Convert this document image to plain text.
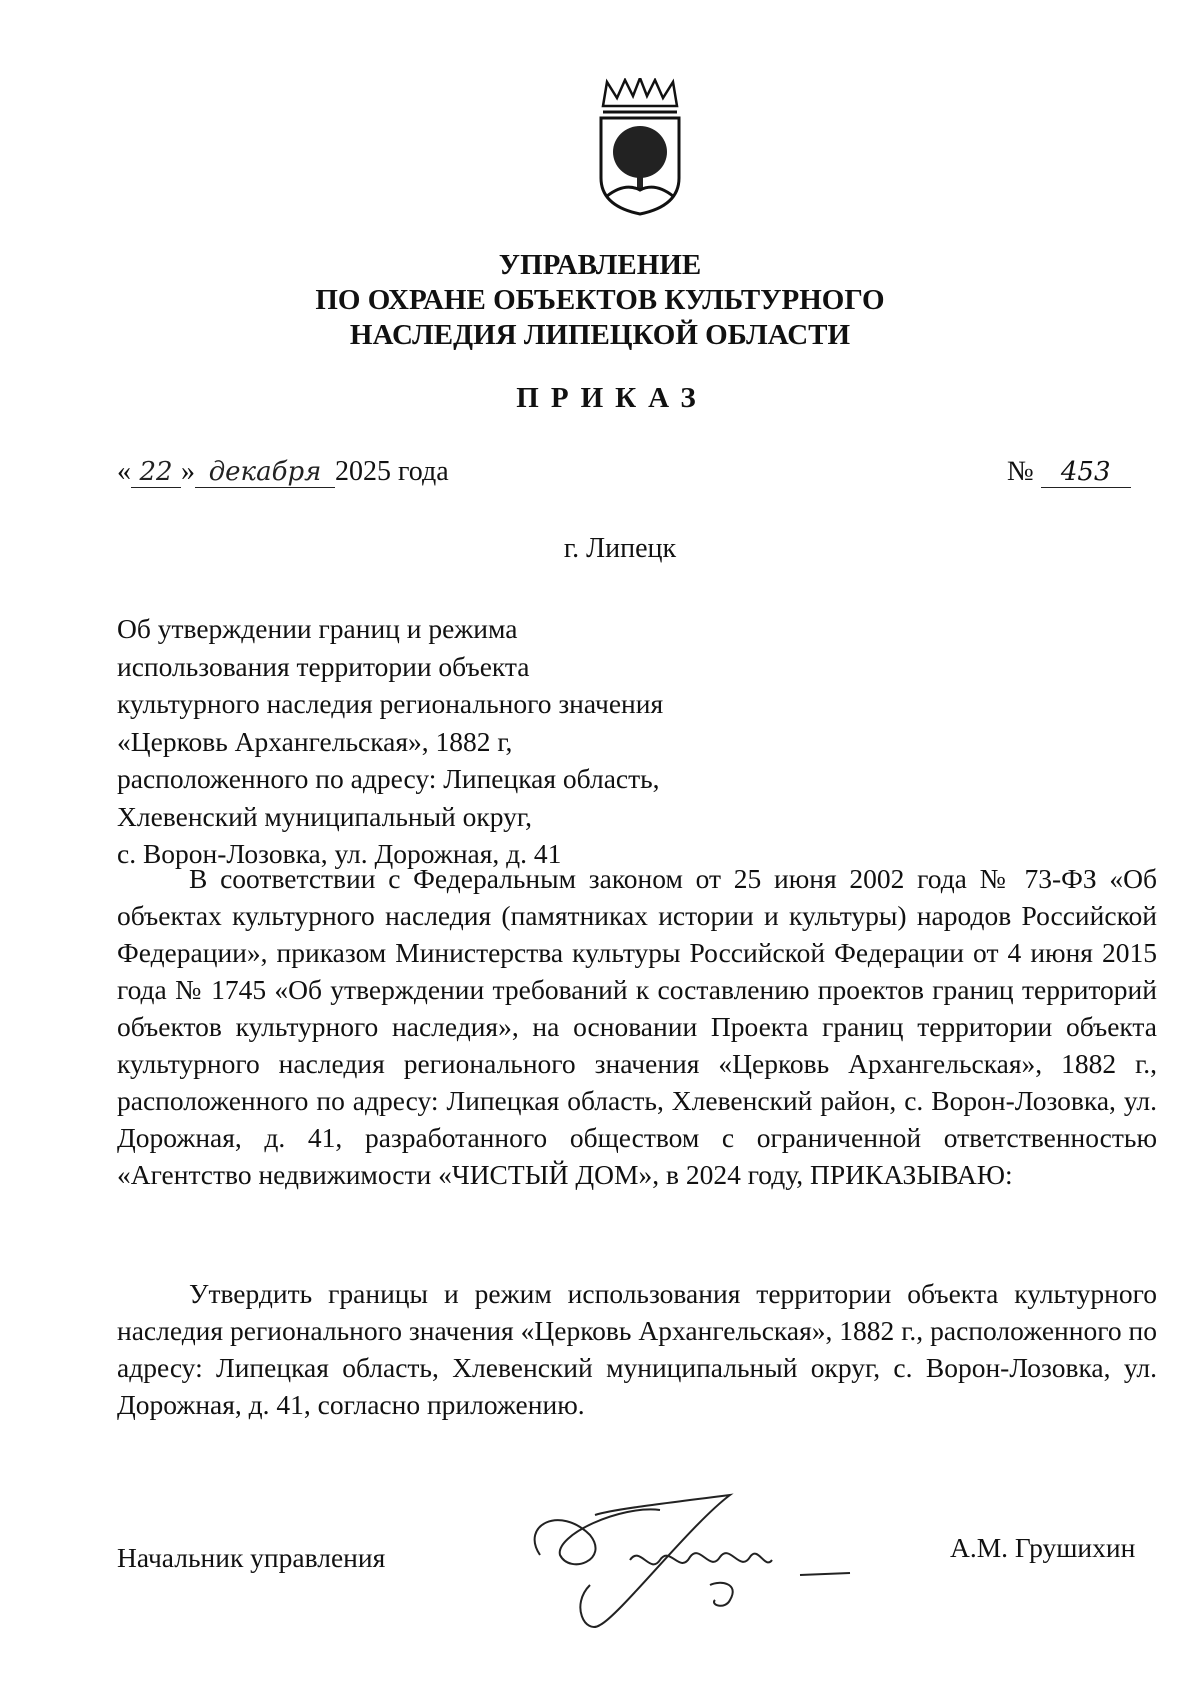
УПРАВЛЕНИЕ
ПО ОХРАНЕ ОБЪЕКТОВ КУЛЬТУРНОГО
НАСЛЕДИЯ ЛИПЕЦКОЙ ОБЛАСТИ
ПРИКАЗ
« 22 » декабря 2025 года	№ 453
г. Липецк
Об утверждении границ и режима
использования территории объекта
культурного наследия регионального значения
«Церковь Архангельская», 1882 г,
расположенного по адресу: Липецкая область,
Хлевенский муниципальный округ,
с. Ворон-Лозовка, ул. Дорожная, д. 41
В соответствии с Федеральным законом от 25 июня 2002 года № 73-ФЗ «Об объектах культурного наследия (памятниках истории и культуры) народов Российской Федерации», приказом Министерства культуры Российской Федерации от 4 июня 2015 года № 1745 «Об утверждении требований к составлению проектов границ территорий объектов культурного наследия», на основании Проекта границ территории объекта культурного наследия регионального значения «Церковь Архангельская», 1882 г., расположенного по адресу: Липецкая область, Хлевенский район, с. Ворон-Лозовка, ул. Дорожная, д. 41, разработанного обществом с ограниченной ответственностью «Агентство недвижимости «ЧИСТЫЙ ДОМ», в 2024 году, ПРИКАЗЫВАЮ:
Утвердить границы и режим использования территории объекта культурного наследия регионального значения «Церковь Архангельская», 1882 г., расположенного по адресу: Липецкая область, Хлевенский муниципальный округ, с. Ворон-Лозовка, ул. Дорожная, д. 41, согласно приложению.
Начальник управления	А.М. Грушихин
